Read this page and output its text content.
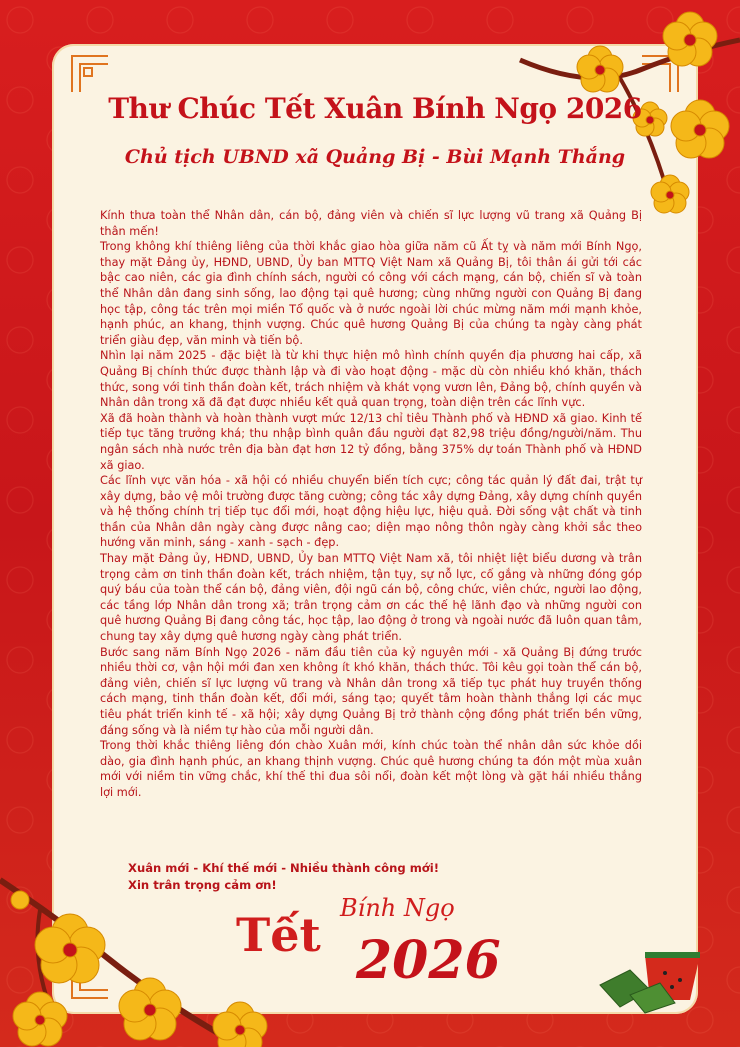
Thư Chúc Tết Xuân Bính Ngọ 2026
Chủ tịch UBND xã Quảng Bị - Bùi Mạnh Thắng

Kính thưa toàn thể Nhân dân, cán bộ, đảng viên và chiến sĩ lực lượng vũ trang xã Quảng Bị thân mến!

Trong không khí thiêng liêng của thời khắc giao hòa giữa năm cũ Ất tỵ và năm mới Bính Ngọ, thay mặt Đảng ủy, HĐND, UBND, Ủy ban MTTQ Việt Nam xã Quảng Bị, tôi thân ái gửi tới các bậc cao niên, các gia đình chính sách, người có công với cách mạng, cán bộ, chiến sĩ và toàn thể Nhân dân đang sinh sống, lao động tại quê hương; cùng những người con Quảng Bị đang học tập, công tác trên mọi miền Tổ quốc và ở nước ngoài lời chúc mừng năm mới mạnh khỏe, hạnh phúc, an khang, thịnh vượng. Chúc quê hương Quảng Bị của chúng ta ngày càng phát triển giàu đẹp, văn minh và tiến bộ.

Nhìn lại năm 2025 - đặc biệt là từ khi thực hiện mô hình chính quyền địa phương hai cấp, xã Quảng Bị chính thức được thành lập và đi vào hoạt động - mặc dù còn nhiều khó khăn, thách thức, song với tinh thần đoàn kết, trách nhiệm và khát vọng vươn lên, Đảng bộ, chính quyền và Nhân dân trong xã đã đạt được nhiều kết quả quan trọng, toàn diện trên các lĩnh vực.

Xã đã hoàn thành và hoàn thành vượt mức 12/13 chỉ tiêu Thành phố và HĐND xã giao. Kinh tế tiếp tục tăng trưởng khá; thu nhập bình quân đầu người đạt 82,98 triệu đồng/người/năm. Thu ngân sách nhà nước trên địa bàn đạt hơn 12 tỷ đồng, bằng 375% dự toán Thành phố và HĐND xã giao.

Các lĩnh vực văn hóa - xã hội có nhiều chuyển biến tích cực; công tác quản lý đất đai, trật tự xây dựng, bảo vệ môi trường được tăng cường; công tác xây dựng Đảng, xây dựng chính quyền và hệ thống chính trị tiếp tục đổi mới, hoạt động hiệu lực, hiệu quả. Đời sống vật chất và tinh thần của Nhân dân ngày càng được nâng cao; diện mạo nông thôn ngày càng khởi sắc theo hướng văn minh, sáng - xanh - sạch - đẹp.

Thay mặt Đảng ủy, HĐND, UBND, Ủy ban MTTQ Việt Nam xã, tôi nhiệt liệt biểu dương và trân trọng cảm ơn tinh thần đoàn kết, trách nhiệm, tận tụy, sự nỗ lực, cố gắng và những đóng góp quý báu của toàn thể cán bộ, đảng viên, đội ngũ cán bộ, công chức, viên chức, người lao động, các tầng lớp Nhân dân trong xã; trân trọng cảm ơn các thế hệ lãnh đạo và những người con quê hương Quảng Bị đang công tác, học tập, lao động ở trong và ngoài nước đã luôn quan tâm, chung tay xây dựng quê hương ngày càng phát triển.

Bước sang năm Bính Ngọ 2026 - năm đầu tiên của kỷ nguyên mới - xã Quảng Bị đứng trước nhiều thời cơ, vận hội mới đan xen không ít khó khăn, thách thức. Tôi kêu gọi toàn thể cán bộ, đảng viên, chiến sĩ lực lượng vũ trang và Nhân dân trong xã tiếp tục phát huy truyền thống cách mạng, tinh thần đoàn kết, đổi mới, sáng tạo; quyết tâm hoàn thành thắng lợi các mục tiêu phát triển kinh tế - xã hội; xây dựng Quảng Bị trở thành cộng đồng phát triển bền vững, đáng sống và là niềm tự hào của mỗi người dân.

Trong thời khắc thiêng liêng đón chào Xuân mới, kính chúc toàn thể nhân dân sức khỏe dồi dào, gia đình hạnh phúc, an khang thịnh vượng. Chúc quê hương chúng ta đón một mùa xuân mới với niềm tin vững chắc, khí thế thi đua sôi nổi, đoàn kết một lòng và gặt hái nhiều thắng lợi mới.

Xuân mới - Khí thế mới - Nhiều thành công mới!
Xin trân trọng cảm ơn!
Tết Bính Ngọ
2026
